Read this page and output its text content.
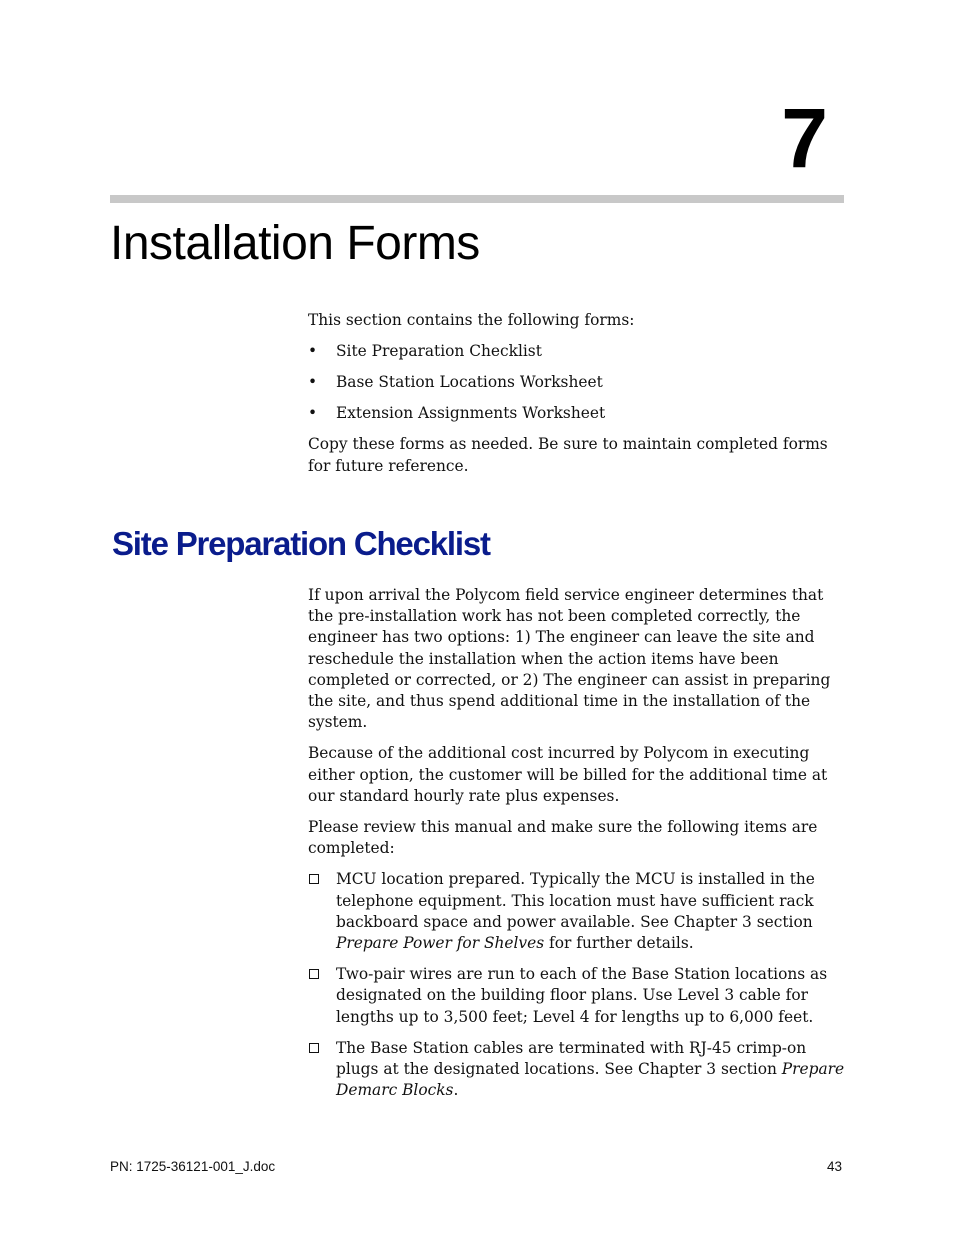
7
Installation Forms

This section contains the following forms:

• Site Preparation Checklist
• Base Station Locations Worksheet
• Extension Assignments Worksheet

Copy these forms as needed. Be sure to maintain completed forms for future reference.

Site Preparation Checklist

If upon arrival the Polycom field service engineer determines that the pre-installation work has not been completed correctly, the engineer has two options: 1) The engineer can leave the site and reschedule the installation when the action items have been completed or corrected, or 2) The engineer can assist in preparing the site, and thus spend additional time in the installation of the system.

Because of the additional cost incurred by Polycom in executing either option, the customer will be billed for the additional time at our standard hourly rate plus expenses.

Please review this manual and make sure the following items are completed:

MCU location prepared. Typically the MCU is installed in the telephone equipment. This location must have sufficient rack backboard space and power available. See Chapter 3 section Prepare Power for Shelves for further details.
Two-pair wires are run to each of the Base Station locations as designated on the building floor plans. Use Level 3 cable for lengths up to 3,500 feet; Level 4 for lengths up to 6,000 feet.
The Base Station cables are terminated with RJ-45 crimp-on plugs at the designated locations. See Chapter 3 section Prepare Demarc Blocks.
PN: 1725-36121-001_J.doc	43
